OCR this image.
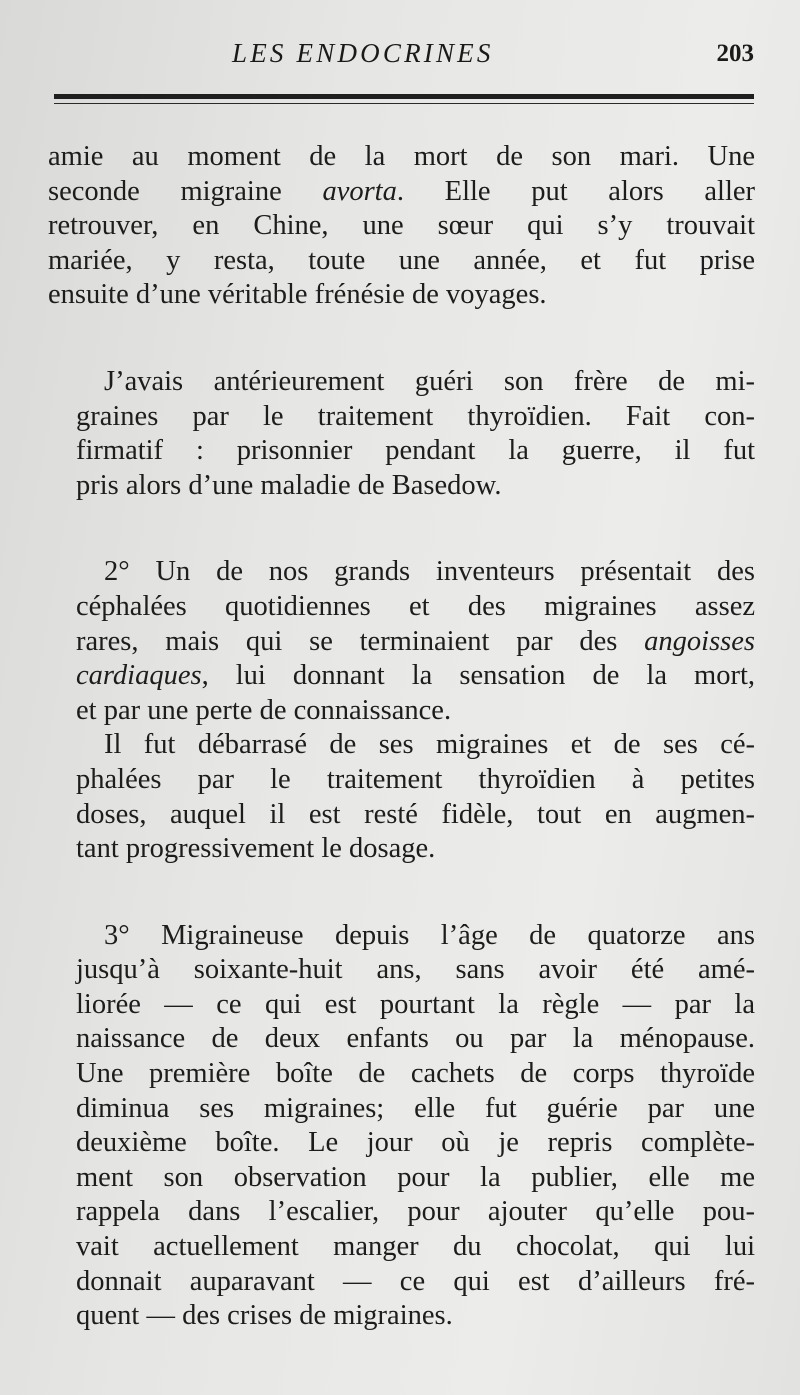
LES ENDOCRINES	203
amie au moment de la mort de son mari. Une
seconde migraine avorta. Elle put alors aller
retrouver, en Chine, une sœur qui s’y trouvait
mariée, y resta, toute une année, et fut prise
ensuite d’une véritable frénésie de voyages.
J’avais antérieurement guéri son frère de mi-
graines par le traitement thyroïdien. Fait con-
firmatif : prisonnier pendant la guerre, il fut
pris alors d’une maladie de Basedow.
2° Un de nos grands inventeurs présentait des
céphalées quotidiennes et des migraines assez
rares, mais qui se terminaient par des angoisses
cardiaques, lui donnant la sensation de la mort,
et par une perte de connaissance.
Il fut débarrasé de ses migraines et de ses cé-
phalées par le traitement thyroïdien à petites
doses, auquel il est resté fidèle, tout en augmen-
tant progressivement le dosage.
3° Migraineuse depuis l’âge de quatorze ans
jusqu’à soixante-huit ans, sans avoir été amé-
liorée — ce qui est pourtant la règle — par la
naissance de deux enfants ou par la ménopause.
Une première boîte de cachets de corps thyroïde
diminua ses migraines; elle fut guérie par une
deuxième boîte. Le jour où je repris complète-
ment son observation pour la publier, elle me
rappela dans l’escalier, pour ajouter qu’elle pou-
vait actuellement manger du chocolat, qui lui
donnait auparavant — ce qui est d’ailleurs fré-
quent — des crises de migraines.
